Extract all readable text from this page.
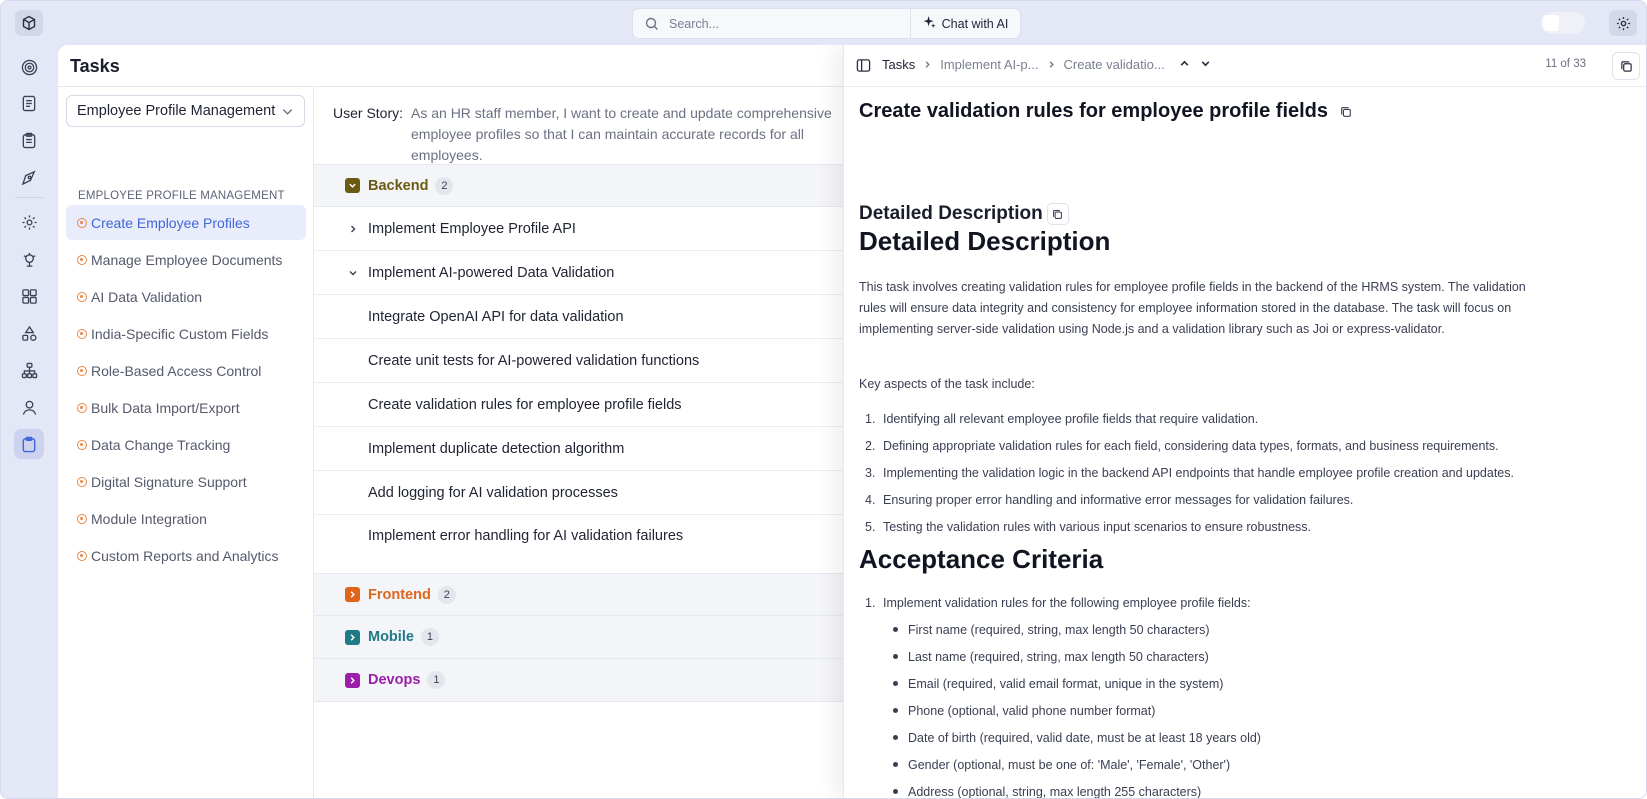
Search...
Chat with AI
Tasks
Employee Profile Management
EMPLOYEE PROFILE MANAGEMENT
Create Employee Profiles
Manage Employee Documents
AI Data Validation
India-Specific Custom Fields
Role-Based Access Control
Bulk Data Import/Export
Data Change Tracking
Digital Signature Support
Module Integration
Custom Reports and Analytics
User Story: As an HR staff member, I want to create and update comprehensive employee profiles so that I can maintain accurate records for all employees.
Backend	2
Implement Employee Profile API
Implement AI-powered Data Validation
Integrate OpenAI API for data validation
Create unit tests for AI-powered validation functions
Create validation rules for employee profile fields
Implement duplicate detection algorithm
Add logging for AI validation processes
Implement error handling for AI validation failures
Frontend	2
Mobile	1
Devops	1
Tasks Implement AI-p... Create validatio...	11 of 33
Create validation rules for employee profile fields
Detailed Description
Detailed Description
This task involves creating validation rules for employee profile fields in the backend of the HRMS system. The validation rules will ensure data integrity and consistency for employee information stored in the database. The task will focus on implementing server-side validation using Node.js and a validation library such as Joi or express-validator.
Key aspects of the task include:
1. Identifying all relevant employee profile fields that require validation.
2. Defining appropriate validation rules for each field, considering data types, formats, and business requirements.
3. Implementing the validation logic in the backend API endpoints that handle employee profile creation and updates.
4. Ensuring proper error handling and informative error messages for validation failures.
5. Testing the validation rules with various input scenarios to ensure robustness.
Acceptance Criteria
1. Implement validation rules for the following employee profile fields:
First name (required, string, max length 50 characters)
Last name (required, string, max length 50 characters)
Email (required, valid email format, unique in the system)
Phone (optional, valid phone number format)
Date of birth (required, valid date, must be at least 18 years old)
Gender (optional, must be one of: 'Male', 'Female', 'Other')
Address (optional, string, max length 255 characters)
